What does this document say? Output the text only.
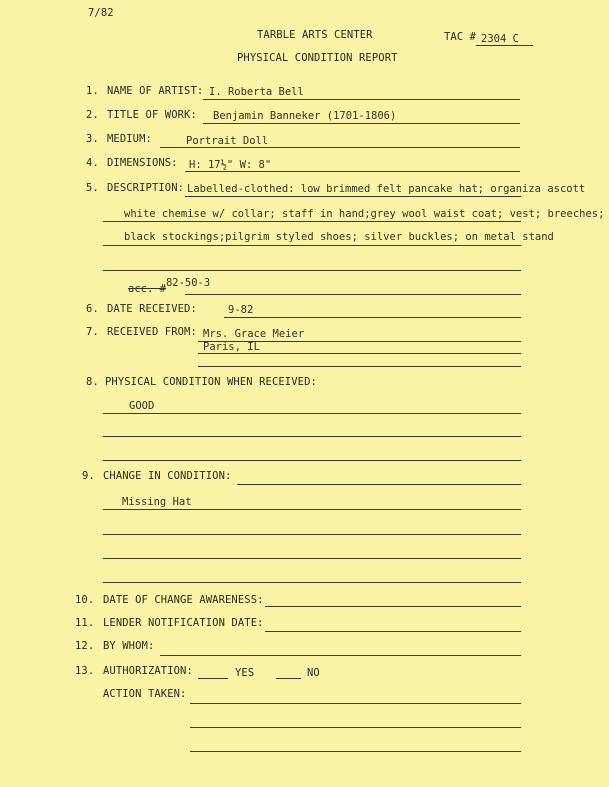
7/82
TARBLE ARTS CENTER	TAC # 2304 C
PHYSICAL CONDITION REPORT
1. NAME OF ARTIST: I. Roberta Bell
2. TITLE OF WORK: Benjamin Banneker (1701-1806)
3. MEDIUM:	Portrait Doll
4. DIMENSIONS: H: 17½" W: 8"
5. DESCRIPTION: Labelled-clothed: low brimmed felt pancake hat; organiza ascott
white chemise w/ collar; staff in hand;grey wool waist coat; vest; breeches;
black stockings;pilgrim styled shoes; silver buckles; on metal stand
acc. #82-50-3
6. DATE RECEIVED:	9-82
7. RECEIVED FROM: Mrs. Grace Meier
Paris, IL
8. PHYSICAL CONDITION WHEN RECEIVED:
GOOD
9. CHANGE IN CONDITION:
Missing Hat
10. DATE OF CHANGE AWARENESS:
11. LENDER NOTIFICATION DATE:
12. BY WHOM:
13. AUTHORIZATION:	YES	NO
ACTION TAKEN:
